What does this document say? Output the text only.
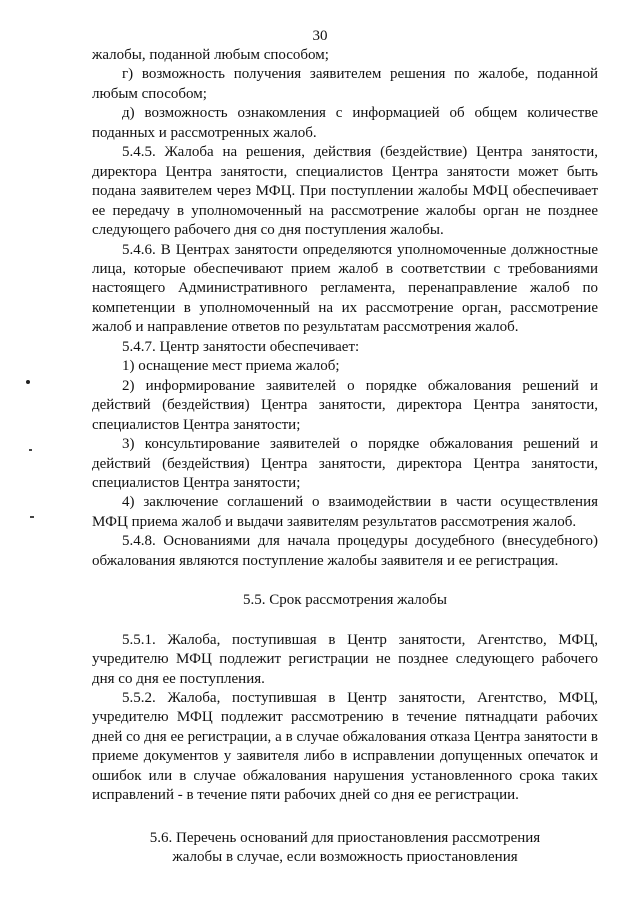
30

жалобы, поданной любым способом;

г) возможность получения заявителем решения по жалобе, поданной любым способом;

д) возможность ознакомления с информацией об общем количестве поданных и рассмотренных жалоб.

5.4.5. Жалоба на решения, действия (бездействие) Центра занятости, директора Центра занятости, специалистов Центра занятости может быть подана заявителем через МФЦ. При поступлении жалобы МФЦ обеспечивает ее передачу в уполномоченный на рассмотрение жалобы орган не позднее следующего рабочего дня со дня поступления жалобы.

5.4.6. В Центрах занятости определяются уполномоченные должностные лица, которые обеспечивают прием жалоб в соответствии с требованиями настоящего Административного регламента, перенаправление жалоб по компетенции в уполномоченный на их рассмотрение орган, рассмотрение жалоб и направление ответов по результатам рассмотрения жалоб.

5.4.7. Центр занятости обеспечивает:

1) оснащение мест приема жалоб;

2) информирование заявителей о порядке обжалования решений и действий (бездействия) Центра занятости, директора Центра занятости, специалистов Центра занятости;

3) консультирование заявителей о порядке обжалования решений и действий (бездействия) Центра занятости, директора Центра занятости, специалистов Центра занятости;

4) заключение соглашений о взаимодействии в части осуществления МФЦ приема жалоб и выдачи заявителям результатов рассмотрения жалоб.

5.4.8. Основаниями для начала процедуры досудебного (внесудебного) обжалования являются поступление жалобы заявителя и ее регистрация.

5.5. Срок рассмотрения жалобы

5.5.1. Жалоба, поступившая в Центр занятости, Агентство, МФЦ, учредителю МФЦ подлежит регистрации не позднее следующего рабочего дня со дня ее поступления.

5.5.2. Жалоба, поступившая в Центр занятости, Агентство, МФЦ, учредителю МФЦ подлежит рассмотрению в течение пятнадцати рабочих дней со дня ее регистрации, а в случае обжалования отказа Центра занятости в приеме документов у заявителя либо в исправлении допущенных опечаток и ошибок или в случае обжалования нарушения установленного срока таких исправлений - в течение пяти рабочих дней со дня ее регистрации.

5.6. Перечень оснований для приостановления рассмотрения
жалобы в случае, если возможность приостановления
